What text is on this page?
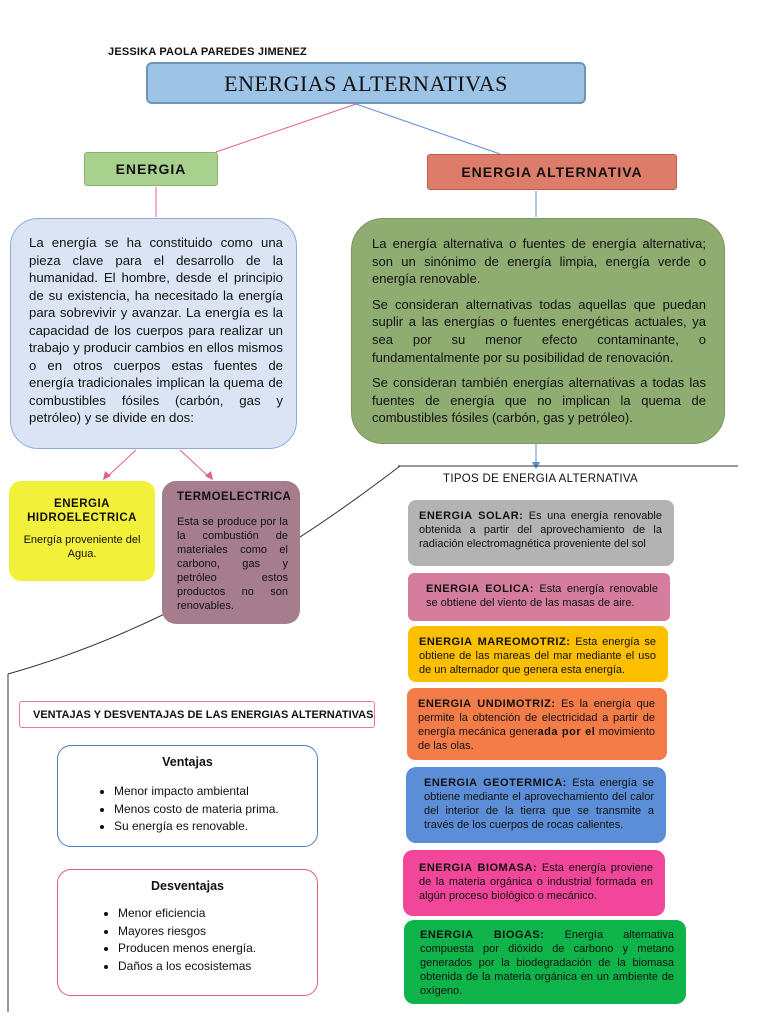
JESSIKA PAOLA PAREDES JIMENEZ
ENERGIAS ALTERNATIVAS
ENERGIA	ENERGIA ALTERNATIVA
La energía se ha constituido como una pieza clave para el desarrollo de la humanidad. El hombre, desde el principio de su existencia, ha necesitado la energía para sobrevivir y avanzar. La energía es la capacidad de los cuerpos para realizar un trabajo y producir cambios en ellos mismos o en otros cuerpos estas fuentes de energía tradicionales implican la quema de combustibles fósiles (carbón, gas y petróleo) y se divide en dos:

La energía alternativa o fuentes de energía alternativa; son un sinónimo de energía limpia, energía verde o energía renovable.

Se consideran alternativas todas aquellas que puedan suplir a las energías o fuentes energéticas actuales, ya sea por su menor efecto contaminante, o fundamentalmente por su posibilidad de renovación.

Se consideran también energías alternativas a todas las fuentes de energía que no implican la quema de combustibles fósiles (carbón, gas y petróleo).

ENERGIA HIDROELECTRICA
Energía proveniente del Agua.
TERMOELECTRICA
Esta se produce por la la combustión de materiales como el carbono, gas y petróleo estos productos no son renovables.
TIPOS DE ENERGIA ALTERNATIVA
ENERGIA SOLAR: Es una energía renovable obtenida a partir del aprovechamiento de la radiación electromagnética proveniente del sol
ENERGIA EOLICA: Esta energía renovable se obtiene del viento de las masas de aire.
ENERGIA MAREOMOTRIZ: Esta energía se obtiene de las mareas del mar mediante el uso de un alternador que genera esta energía.
ENERGIA UNDIMOTRIZ: Es la energía que permite la obtención de electricidad a partir de energía mecánica generada por el movimiento de las olas.
ENERGIA GEOTERMICA: Esta energía se obtiene mediante el aprovechamiento del calor del interior de la tierra que se transmite a través de los cuerpos de rocas calientes.
ENERGIA BIOMASA: Esta energía proviene de la materia orgánica o industrial formada en algún proceso biológico o mecánico.
ENERGIA BIOGAS: Energía alternativa compuesta por dióxido de carbono y metano generados por la biodegradación de la biomasa obtenida de la materia orgánica en un ambiente de oxígeno.
VENTAJAS Y DESVENTAJAS DE LAS ENERGIAS ALTERNATIVAS
Ventajas
• Menor impacto ambiental
• Menos costo de materia prima.
• Su energía es renovable.
Desventajas
• Menor eficiencia
• Mayores riesgos
• Producen menos energía.
• Daños a los ecosistemas
